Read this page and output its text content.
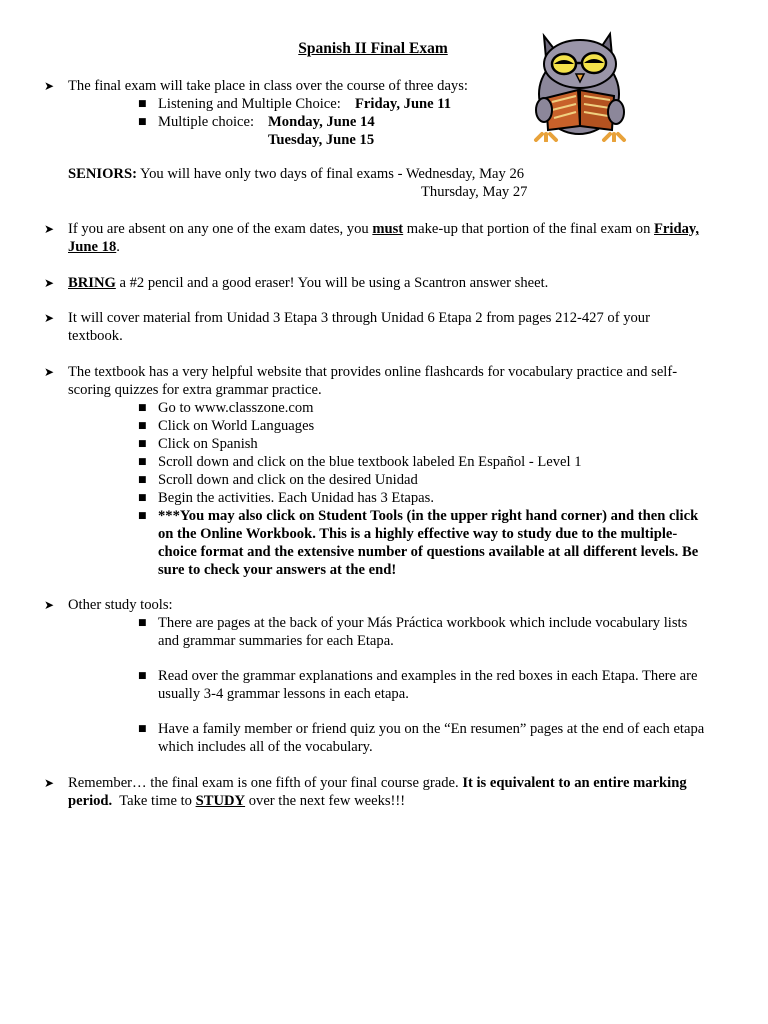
Spanish II Final Exam
➤ The final exam will take place in class over the course of three days:
■ Listening and Multiple Choice: Friday, June 11
■ Multiple choice: Monday, June 14
Tuesday, June 15
SENIORS: You will have only two days of final exams - Wednesday, May 26
Thursday, May 27
➤ If you are absent on any one of the exam dates, you must make-up that portion of the final exam on Friday,
June 18.
➤ BRING a #2 pencil and a good eraser! You will be using a Scantron answer sheet.
➤ It will cover material from Unidad 3 Etapa 3 through Unidad 6 Etapa 2 from pages 212-427 of your
textbook.
➤ The textbook has a very helpful website that provides online flashcards for vocabulary practice and self-
scoring quizzes for extra grammar practice.
■ Go to www.classzone.com
■ Click on World Languages
■ Click on Spanish
■ Scroll down and click on the blue textbook labeled En Español - Level 1
■ Scroll down and click on the desired Unidad
■ Begin the activities. Each Unidad has 3 Etapas.
■ ***You may also click on Student Tools (in the upper right hand corner) and then click
on the Online Workbook. This is a highly effective way to study due to the multiple-
choice format and the extensive number of questions available at all different levels. Be
sure to check your answers at the end!
➤ Other study tools:
■ There are pages at the back of your Más Práctica workbook which include vocabulary lists
and grammar summaries for each Etapa.
■ Read over the grammar explanations and examples in the red boxes in each Etapa. There are
usually 3-4 grammar lessons in each etapa.
■ Have a family member or friend quiz you on the “En resumen” pages at the end of each etapa
which includes all of the vocabulary.
➤ Remember… the final exam is one fifth of your final course grade. It is equivalent to an entire marking
period.  Take time to STUDY over the next few weeks!!!
